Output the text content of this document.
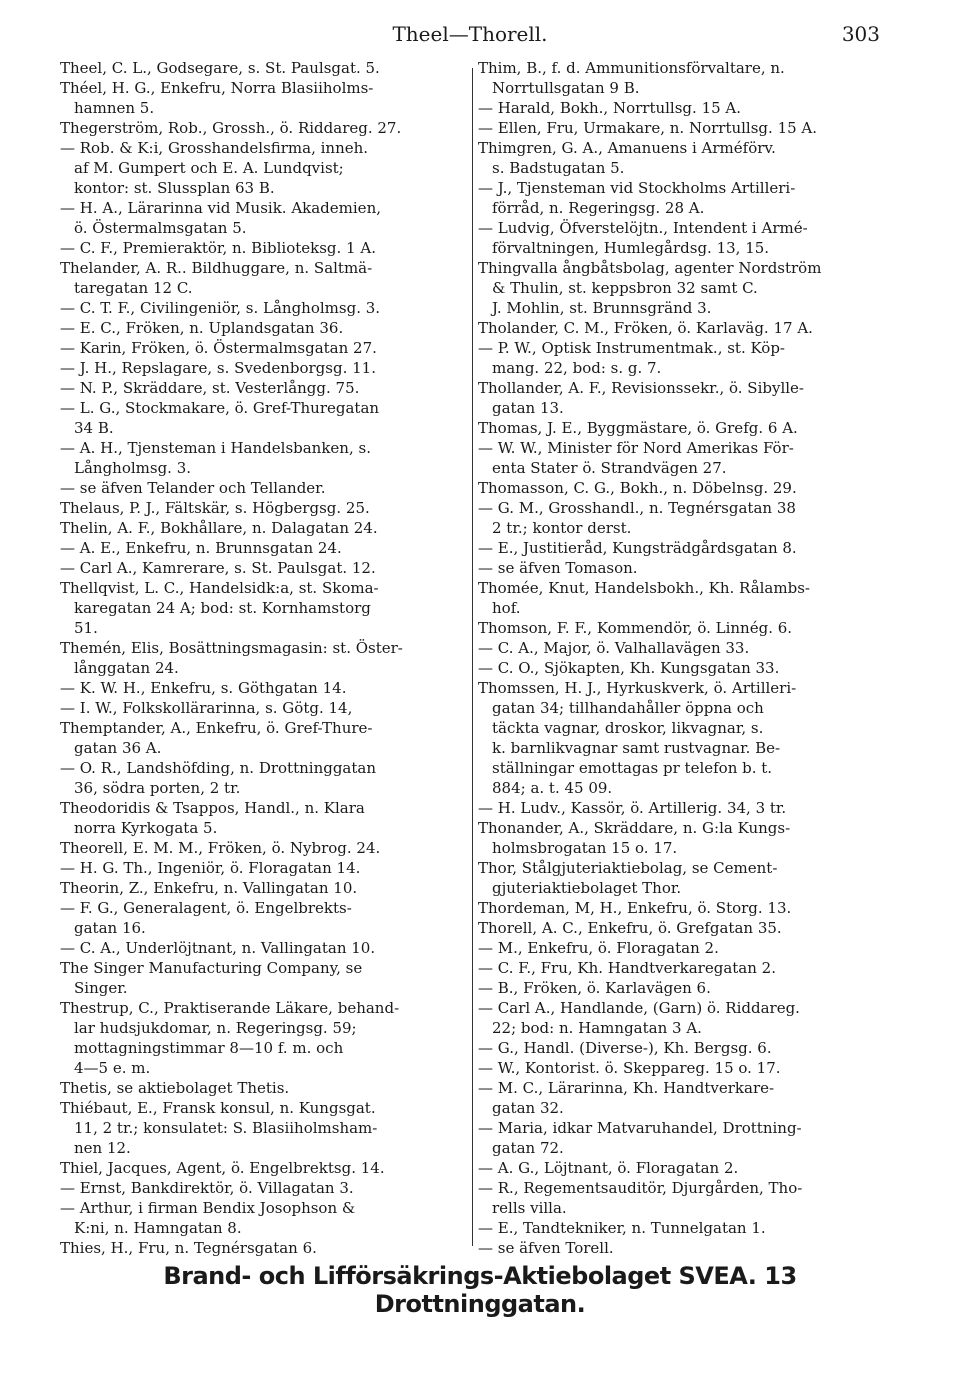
Theel—Thorell.	303
Theel, C. L., Godsegare, s. St. Paulsgat. 5.
Théel, H. G., Enkefru, Norra Blasiiholms-
hamnen 5.
Thegerström, Rob., Grossh., ö. Riddareg. 27.
— Rob. & K:i, Grosshandelsfirma, inneh.
af M. Gumpert och E. A. Lundqvist;
kontor: st. Slussplan 63 B.
— H. A., Lärarinna vid Musik. Akademien,
ö. Östermalmsgatan 5.
— C. F., Premieraktör, n. Biblioteksg. 1 A.
Thelander, A. R.. Bildhuggare, n. Saltmä-
taregatan 12 C.
— C. T. F., Civilingeniör, s. Långholmsg. 3.
— E. C., Fröken, n. Uplandsgatan 36.
— Karin, Fröken, ö. Östermalmsgatan 27.
— J. H., Repslagare, s. Svedenborgsg. 11.
— N. P., Skräddare, st. Vesterlångg. 75.
— L. G., Stockmakare, ö. Gref-Thuregatan
34 B.
— A. H., Tjensteman i Handelsbanken, s.
Långholmsg. 3.
— se äfven Telander och Tellander.
Thelaus, P. J., Fältskär, s. Högbergsg. 25.
Thelin, A. F., Bokhållare, n. Dalagatan 24.
— A. E., Enkefru, n. Brunnsgatan 24.
— Carl A., Kamrerare, s. St. Paulsgat. 12.
Thellqvist, L. C., Handelsidk:a, st. Skoma-
karegatan 24 A; bod: st. Kornhamstorg
51.
Themén, Elis, Bosättningsmagasin: st. Öster-
långgatan 24.
— K. W. H., Enkefru, s. Göthgatan 14.
— I. W., Folkskollärarinna, s. Götg. 14,
Themptander, A., Enkefru, ö. Gref-Thure-
gatan 36 A.
— O. R., Landshöfding, n. Drottninggatan
36, södra porten, 2 tr.
Theodoridis & Tsappos, Handl., n. Klara
norra Kyrkogata 5.
Theorell, E. M. M., Fröken, ö. Nybrog. 24.
— H. G. Th., Ingeniör, ö. Floragatan 14.
Theorin, Z., Enkefru, n. Vallingatan 10.
— F. G., Generalagent, ö. Engelbrekts-
gatan 16.
— C. A., Underlöjtnant, n. Vallingatan 10.
The Singer Manufacturing Company, se
Singer.
Thestrup, C., Praktiserande Läkare, behand-
lar hudsjukdomar, n. Regeringsg. 59;
mottagningstimmar 8—10 f. m. och
4—5 e. m.
Thetis, se aktiebolaget Thetis.
Thiébaut, E., Fransk konsul, n. Kungsgat.
11, 2 tr.; konsulatet: S. Blasiiholmsham-
nen 12.
Thiel, Jacques, Agent, ö. Engelbrektsg. 14.
— Ernst, Bankdirektör, ö. Villagatan 3.
— Arthur, i firman Bendix Josophson &
K:ni, n. Hamngatan 8.
Thies, H., Fru, n. Tegnérsgatan 6.
Thim, B., f. d. Ammunitionsförvaltare, n.
Norrtullsgatan 9 B.
— Harald, Bokh., Norrtullsg. 15 A.
— Ellen, Fru, Urmakare, n. Norrtullsg. 15 A.
Thimgren, G. A., Amanuens i Arméförv.
s. Badstugatan 5.
— J., Tjensteman vid Stockholms Artilleri-
förråd, n. Regeringsg. 28 A.
— Ludvig, Öfverstelöjtn., Intendent i Armé-
förvaltningen, Humlegårdsg. 13, 15.
Thingvalla ångbåtsbolag, agenter Nordström
& Thulin, st. keppsbron 32 samt C.
J. Mohlin, st. Brunnsgränd 3.
Tholander, C. M., Fröken, ö. Karlaväg. 17 A.
— P. W., Optisk Instrumentmak., st. Köp-
mang. 22, bod: s. g. 7.
Thollander, A. F., Revisionssekr., ö. Sibylle-
gatan 13.
Thomas, J. E., Byggmästare, ö. Grefg. 6 A.
— W. W., Minister för Nord Amerikas För-
enta Stater ö. Strandvägen 27.
Thomasson, C. G., Bokh., n. Döbelnsg. 29.
— G. M., Grosshandl., n. Tegnérsgatan 38
2 tr.; kontor derst.
— E., Justitieråd, Kungsträdgårdsgatan 8.
— se äfven Tomason.
Thomée, Knut, Handelsbokh., Kh. Rålambs-
hof.
Thomson, F. F., Kommendör, ö. Linnég. 6.
— C. A., Major, ö. Valhallavägen 33.
— C. O., Sjökapten, Kh. Kungsgatan 33.
Thomssen, H. J., Hyrkuskverk, ö. Artilleri-
gatan 34; tillhandahåller öppna och
täckta vagnar, droskor, likvagnar, s.
k. barnlikvagnar samt rustvagnar. Be-
ställningar emottagas pr telefon b. t.
884; a. t. 45 09.
— H. Ludv., Kassör, ö. Artillerig. 34, 3 tr.
Thonander, A., Skräddare, n. G:la Kungs-
holmsbrogatan 15 o. 17.
Thor, Stålgjuteriaktiebolag, se Cement-
gjuteriaktiebolaget Thor.
Thordeman, M, H., Enkefru, ö. Storg. 13.
Thorell, A. C., Enkefru, ö. Grefgatan 35.
— M., Enkefru, ö. Floragatan 2.
— C. F., Fru, Kh. Handtverkaregatan 2.
— B., Fröken, ö. Karlavägen 6.
— Carl A., Handlande, (Garn) ö. Riddareg.
22; bod: n. Hamngatan 3 A.
— G., Handl. (Diverse-), Kh. Bergsg. 6.
— W., Kontorist. ö. Skeppareg. 15 o. 17.
— M. C., Lärarinna, Kh. Handtverkare-
gatan 32.
— Maria, idkar Matvaruhandel, Drottning-
gatan 72.
— A. G., Löjtnant, ö. Floragatan 2.
— R., Regementsauditör, Djurgården, Tho-
rells villa.
— E., Tandtekniker, n. Tunnelgatan 1.
— se äfven Torell.
Brand- och Lifförsäkrings-Aktiebolaget SVEA. 13 Drottninggatan.
